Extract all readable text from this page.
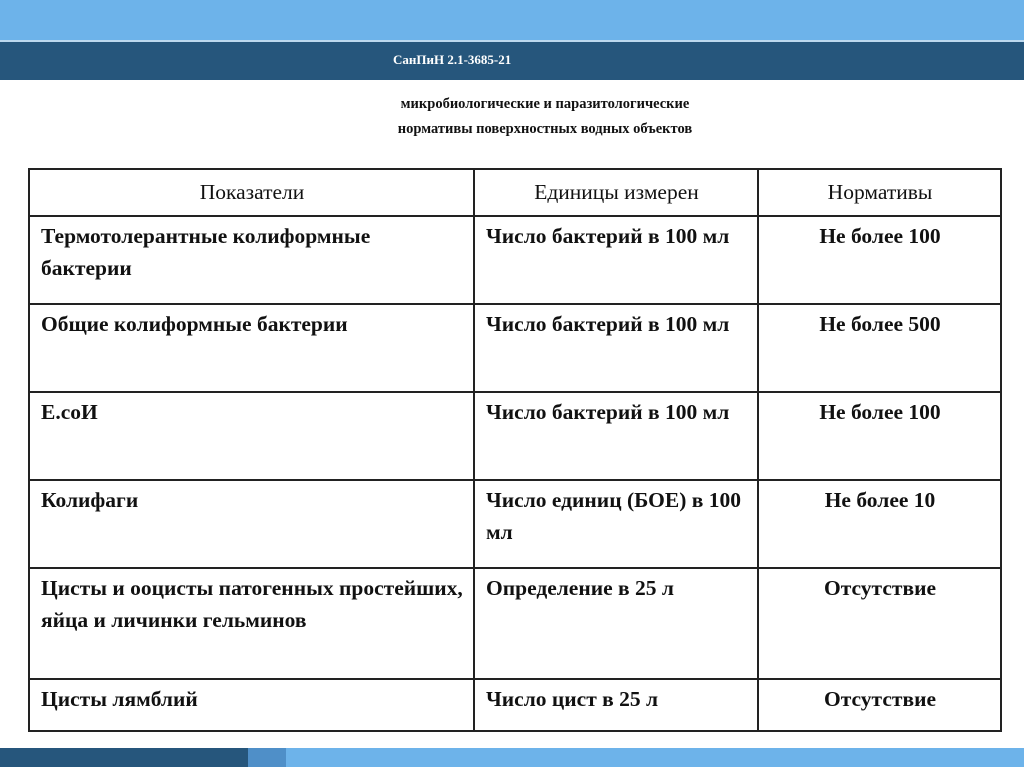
СанПиН 2.1-3685-21
микробиологические и паразитологические
нормативы поверхностных водных объектов
Показатели	Единицы измерен	Нормативы
Термотолерантные колиформные бактерии	Число бактерий в 100 мл	Не более 100
Общие колиформные бактерии	Число бактерий в 100 мл	Не более 500
Е.соИ	Число бактерий в 100 мл	Не более 100
Колифаги	Число единиц (БОЕ) в 100 мл	Не более 10
Цисты и ооцисты патогенных простейших, яйца и личинки гельминов	Определение в 25 л	Отсутствие
Цисты лямблий	Число цист в 25 л	Отсутствие
